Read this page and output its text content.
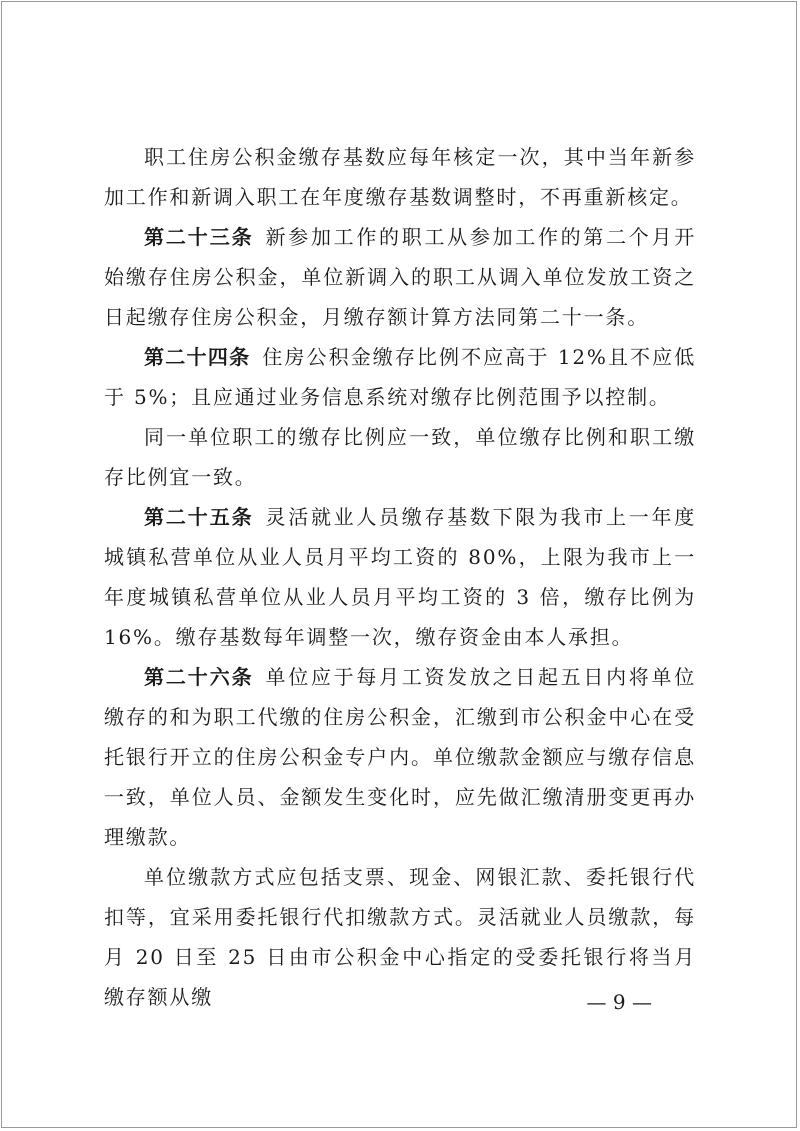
职工住房公积金缴存基数应每年核定一次，其中当年新参加工作和新调入职工在年度缴存基数调整时，不再重新核定。

第二十三条 新参加工作的职工从参加工作的第二个月开始缴存住房公积金，单位新调入的职工从调入单位发放工资之日起缴存住房公积金，月缴存额计算方法同第二十一条。

第二十四条 住房公积金缴存比例不应高于 12%且不应低于 5%；且应通过业务信息系统对缴存比例范围予以控制。

同一单位职工的缴存比例应一致，单位缴存比例和职工缴存比例宜一致。

第二十五条 灵活就业人员缴存基数下限为我市上一年度城镇私营单位从业人员月平均工资的 80%，上限为我市上一年度城镇私营单位从业人员月平均工资的 3 倍，缴存比例为 16%。缴存基数每年调整一次，缴存资金由本人承担。

第二十六条 单位应于每月工资发放之日起五日内将单位缴存的和为职工代缴的住房公积金，汇缴到市公积金中心在受托银行开立的住房公积金专户内。单位缴款金额应与缴存信息一致，单位人员、金额发生变化时，应先做汇缴清册变更再办理缴款。

单位缴款方式应包括支票、现金、网银汇款、委托银行代扣等，宜采用委托银行代扣缴款方式。灵活就业人员缴款，每月 20 日至 25 日由市公积金中心指定的受委托银行将当月缴存额从缴	— 9 —
